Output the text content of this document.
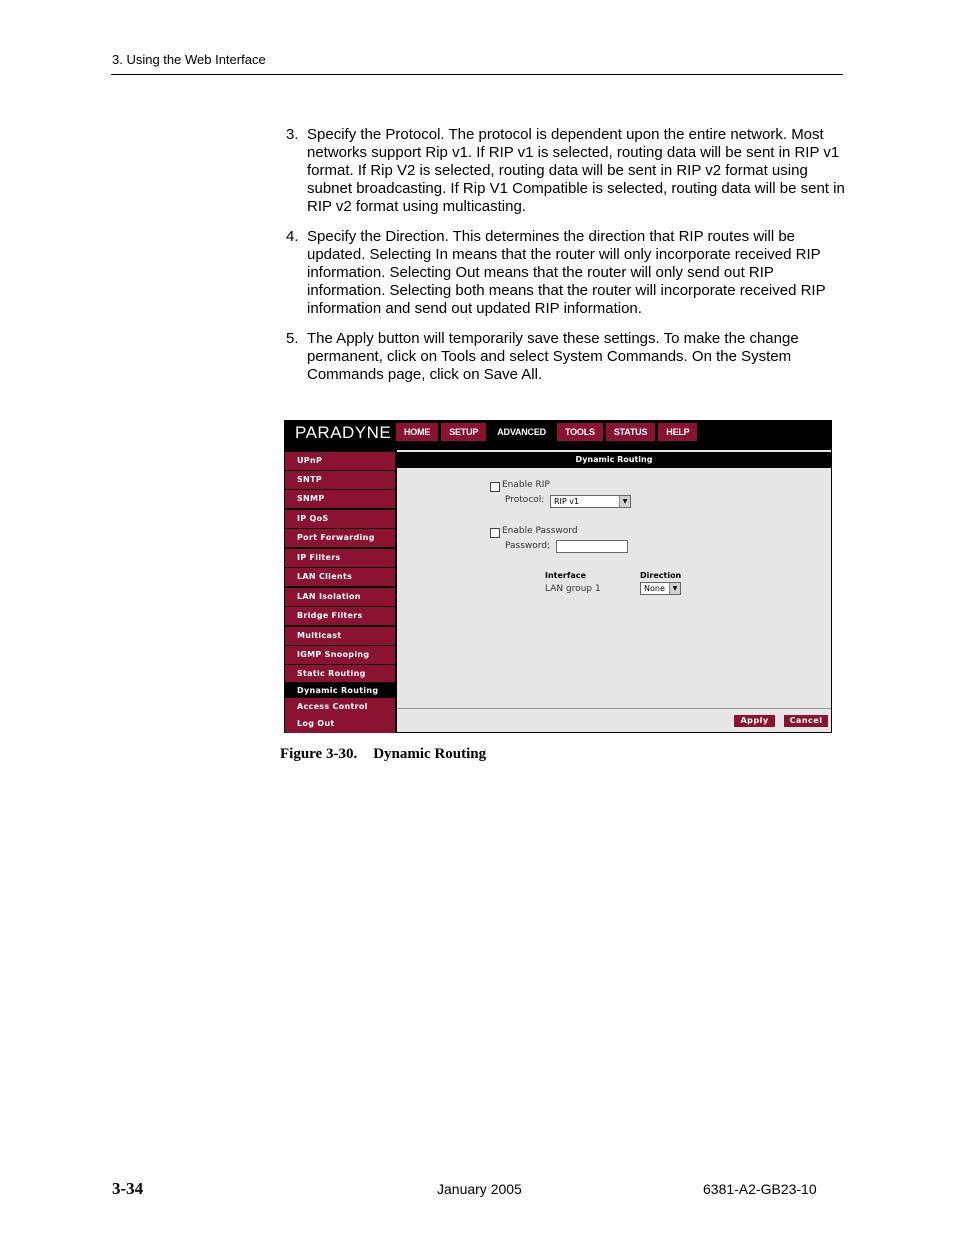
3. Using the Web Interface
3. Specify the Protocol. The protocol is dependent upon the entire network. Most networks support Rip v1. If RIP v1 is selected, routing data will be sent in RIP v1 format. If Rip V2 is selected, routing data will be sent in RIP v2 format using subnet broadcasting. If Rip V1 Compatible is selected, routing data will be sent in RIP v2 format using multicasting.
4. Specify the Direction. This determines the direction that RIP routes will be updated. Selecting In means that the router will only incorporate received RIP information. Selecting Out means that the router will only send out RIP information. Selecting both means that the router will incorporate received RIP information and send out updated RIP information.
5. The Apply button will temporarily save these settings. To make the change permanent, click on Tools and select System Commands. On the System Commands page, click on Save All.
PARADYNE	HOME	SETUP	ADVANCED	TOOLS	STATUS	HELP
UPnP
SNTP
SNMP
IP QoS
Port Forwarding
IP Filters
LAN Clients
LAN Isolation
Bridge Filters
Multicast
IGMP Snooping
Static Routing
Dynamic Routing
Access Control
Log Out
Dynamic Routing
Enable RIP
Protocol:	RIP v1	▼
Enable Password
Password:
Interface	Direction
LAN group 1	None	▼
Apply	Cancel
Figure 3-30. Dynamic Routing
3-34	January 2005	6381-A2-GB23-10
